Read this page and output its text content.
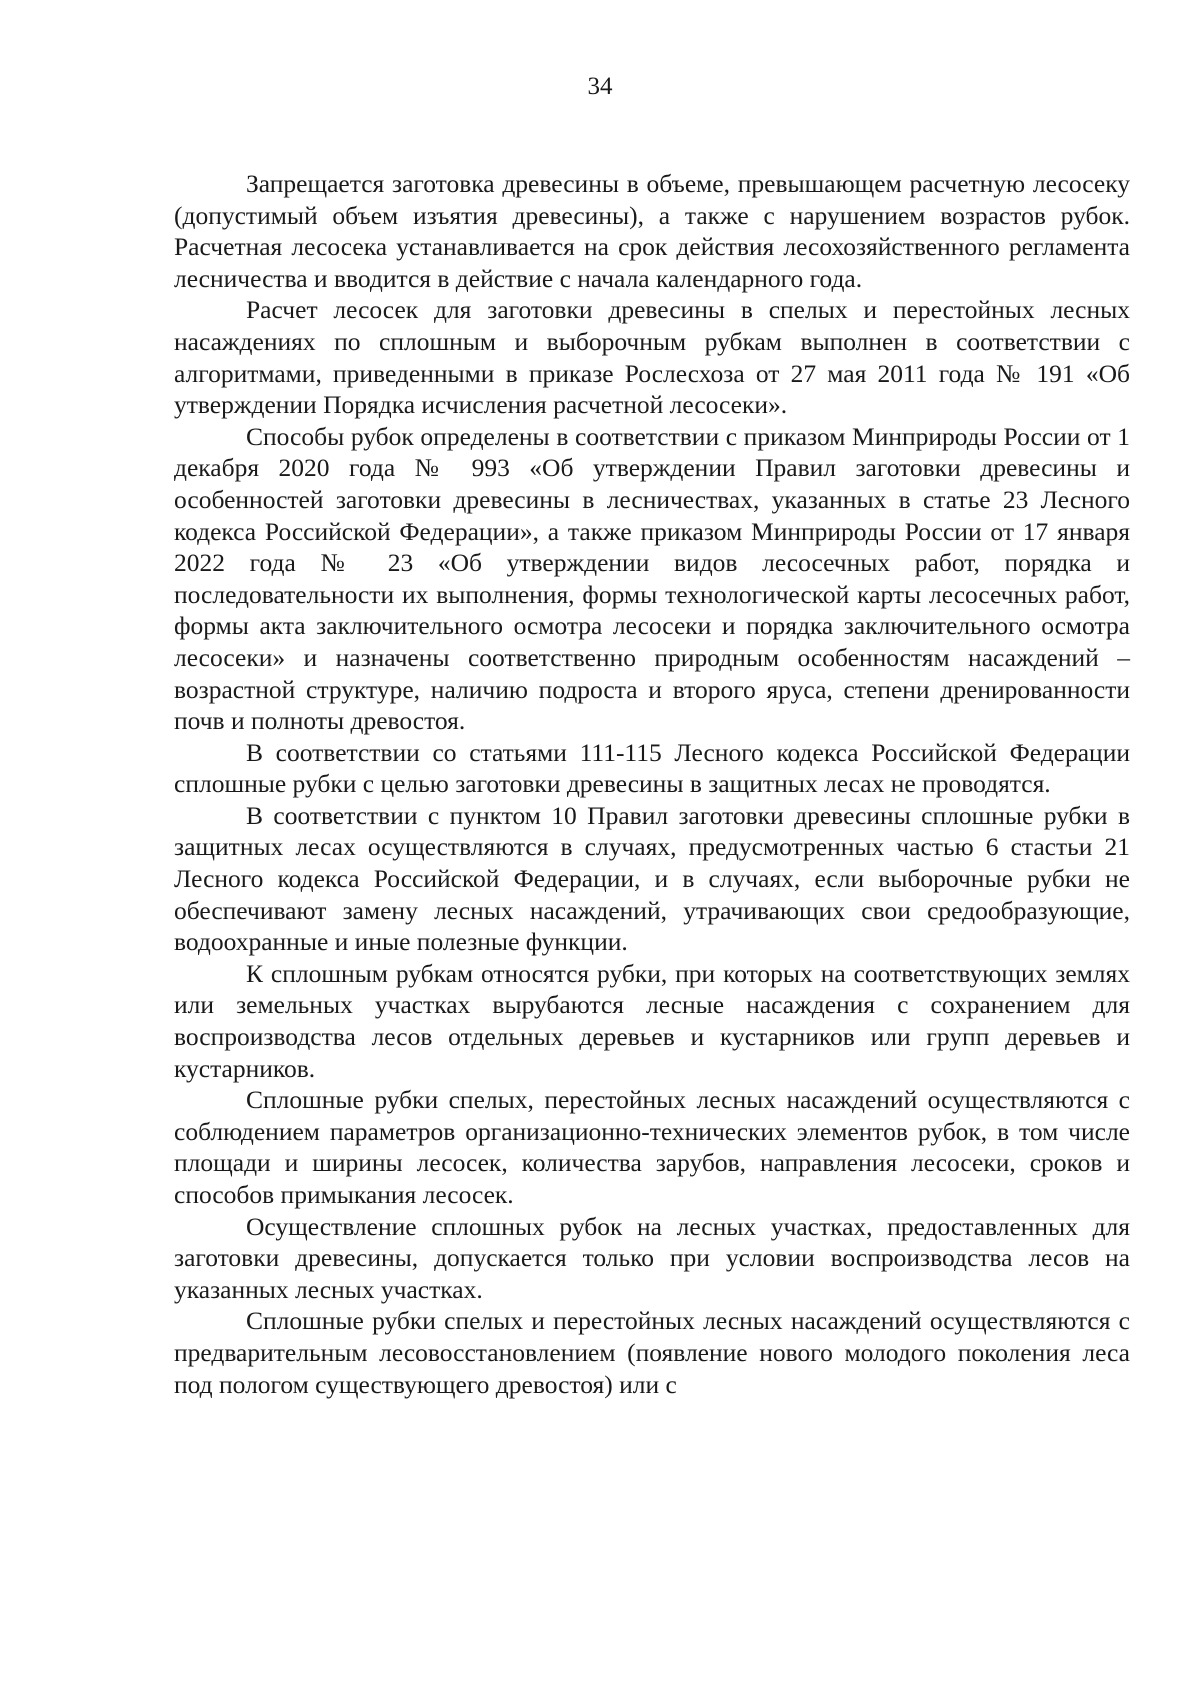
34

Запрещается заготовка древесины в объеме, превышающем расчетную лесосеку (допустимый объем изъятия древесины), а также с нарушением возрастов рубок. Расчетная лесосека устанавливается на срок действия лесохозяйственного регламента лесничества и вводится в действие с начала календарного года.

Расчет лесосек для заготовки древесины в спелых и перестойных лесных насаждениях по сплошным и выборочным рубкам выполнен в соответствии с алгоритмами, приведенными в приказе Рослесхоза от 27 мая 2011 года № 191 «Об утверждении Порядка исчисления расчетной лесосеки».

Способы рубок определены в соответствии с приказом Минприроды России от 1 декабря 2020 года № 993 «Об утверждении Правил заготовки древесины и особенностей заготовки древесины в лесничествах, указанных в статье 23 Лесного кодекса Российской Федерации», а также приказом Минприроды России от 17 января 2022 года № 23 «Об утверждении видов лесосечных работ, порядка и последовательности их выполнения, формы технологической карты лесосечных работ, формы акта заключительного осмотра лесосеки и порядка заключительного осмотра лесосеки» и назначены соответственно природным особенностям насаждений – возрастной структуре, наличию подроста и второго яруса, степени дренированности почв и полноты древостоя.

В соответствии со статьями 111-115 Лесного кодекса Российской Федерации сплошные рубки с целью заготовки древесины в защитных лесах не проводятся.

В соответствии с пунктом 10 Правил заготовки древесины сплошные рубки в защитных лесах осуществляются в случаях, предусмотренных частью 6 стастьи 21 Лесного кодекса Российской Федерации, и в случаях, если выборочные рубки не обеспечивают замену лесных насаждений, утрачивающих свои средообразующие, водоохранные и иные полезные функции.

К сплошным рубкам относятся рубки, при которых на соответствующих землях или земельных участках вырубаются лесные насаждения с сохранением для воспроизводства лесов отдельных деревьев и кустарников или групп деревьев и кустарников.

Сплошные рубки спелых, перестойных лесных насаждений осуществляются с соблюдением параметров организационно-технических элементов рубок, в том числе площади и ширины лесосек, количества зарубов, направления лесосеки, сроков и способов примыкания лесосек.

Осуществление сплошных рубок на лесных участках, предоставленных для заготовки древесины, допускается только при условии воспроизводства лесов на указанных лесных участках.

Сплошные рубки спелых и перестойных лесных насаждений осуществляются с предварительным лесовосстановлением (появление нового молодого поколения леса под пологом существующего древостоя) или с
